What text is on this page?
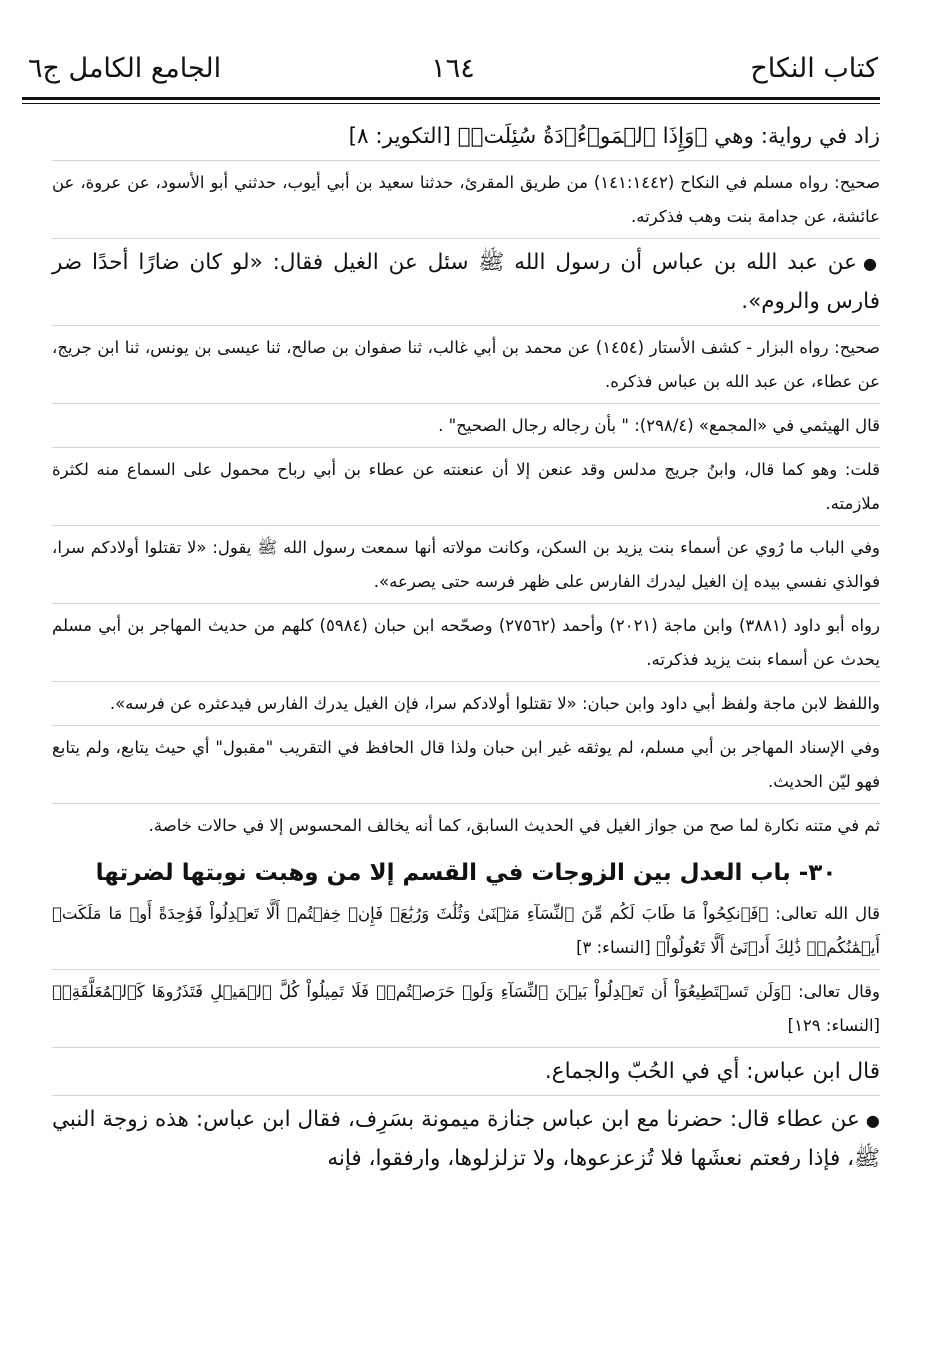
كتاب النكاح
١٦٤
الجامع الكامل ج٦

زاد في رواية: وهي ﴿وَإِذَا ٱلۡمَوۡءُۥدَةُ سُئِلَتۡ﴾ [التكوير: ٨]

صحيح: رواه مسلم في النكاح (١٤١:١٤٤٢) من طريق المقرئ، حدثنا سعيد بن أبي أيوب، حدثني أبو الأسود، عن عروة، عن عائشة، عن جدامة بنت وهب فذكرته.

●عن عبد الله بن عباس أن رسول الله ﷺ سئل عن الغيل فقال: «لو كان ضارًا أحدًا ضر فارس والروم».

صحيح: رواه البزار - كشف الأستار (١٤٥٤) عن محمد بن أبي غالب، ثنا صفوان بن صالح، ثنا عيسى بن يونس، ثنا ابن جريج، عن عطاء، عن عبد الله بن عباس فذكره.

قال الهيثمي في «المجمع» (٢٩٨/٤): " بأن رجاله رجال الصحيح" .

قلت: وهو كما قال، وابنُ جريج مدلس وقد عنعن إلا أن عنعنته عن عطاء بن أبي رباح محمول على السماع منه لكثرة ملازمته.

وفي الباب ما رُوي عن أسماء بنت يزيد بن السكن، وكانت مولاته أنها سمعت رسول الله ﷺ يقول: «لا تقتلوا أولادكم سرا، فوالذي نفسي بيده إن الغيل ليدرك الفارس على ظهر فرسه حتى يصرعه».

رواه أبو داود (٣٨٨١) وابن ماجة (٢٠٢١) وأحمد (٢٧٥٦٢) وصحّحه ابن حبان (٥٩٨٤) كلهم من حديث المهاجر بن أبي مسلم يحدث عن أسماء بنت يزيد فذكرته.

واللفظ لابن ماجة ولفظ أبي داود وابن حبان: «لا تقتلوا أولادكم سرا، فإن الغيل يدرك الفارس فيدعثره عن فرسه».

وفي الإسناد المهاجر بن أبي مسلم، لم يوثقه غير ابن حبان ولذا قال الحافظ في التقريب "مقبول" أي حيث يتابع، ولم يتابع فهو ليّن الحديث.

ثم في متنه نكارة لما صح من جواز الغيل في الحديث السابق، كما أنه يخالف المحسوس إلا في حالات خاصة.

٣٠- باب العدل بين الزوجات في القسم إلا من وهبت نوبتها لضرتها

قال الله تعالى: ﴿فَٱنكِحُواْ مَا طَابَ لَكُم مِّنَ ٱلنِّسَآءِ مَثۡنَىٰ وَثُلَٰثَ وَرُبَٰعَۖ فَإِنۡ خِفۡتُمۡ أَلَّا تَعۡدِلُواْ فَوَٰحِدَةً أَوۡ مَا مَلَكَتۡ أَيۡمَٰنُكُمۡۚ ذَٰلِكَ أَدۡنَىٰٓ أَلَّا تَعُولُواْ﴾ [النساء: ٣]

وقال تعالى: ﴿وَلَن تَسۡتَطِيعُوٓاْ أَن تَعۡدِلُواْ بَيۡنَ ٱلنِّسَآءِ وَلَوۡ حَرَصۡتُمۡۖ فَلَا تَمِيلُواْ كُلَّ ٱلۡمَيۡلِ فَتَذَرُوهَا كَٱلۡمُعَلَّقَةِۚ﴾ [النساء: ١٢٩]

قال ابن عباس: أي في الحُبّ والجماع.

●عن عطاء قال: حضرنا مع ابن عباس جنازة ميمونة بسَرِف، فقال ابن عباس: هذه زوجة النبي ﷺ، فإذا رفعتم نعشَها فلا تُزعزعوها، ولا تزلزلوها، وارفقوا، فإنه
